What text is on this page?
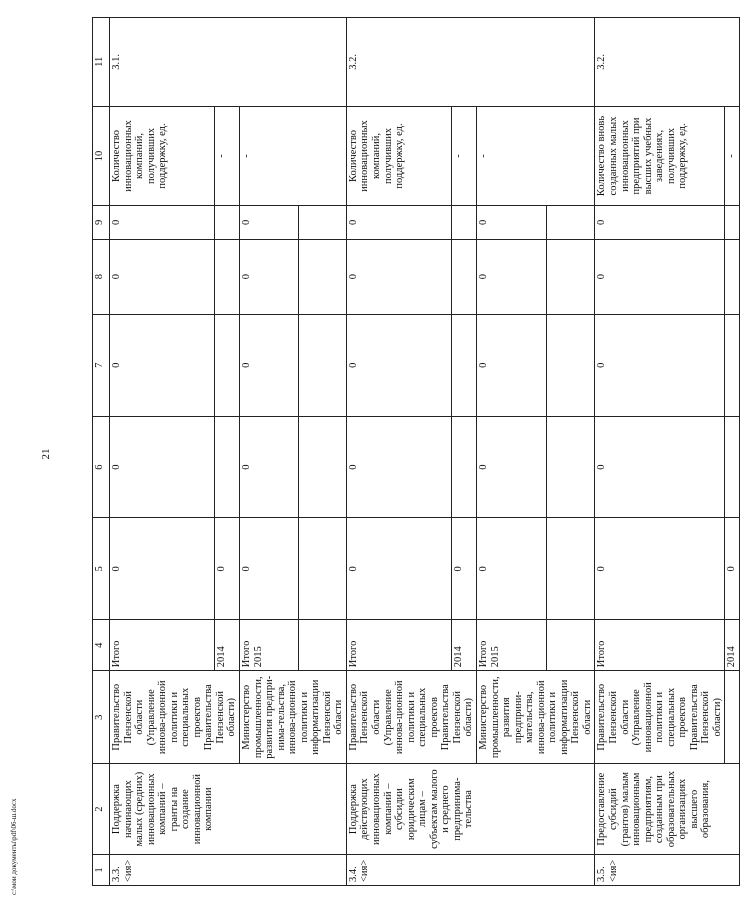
21
1	2	3	4	5	6	7	8	9	10	11

3.3. <ия>	Поддержка начинающих малых (средних) инновационных компаний – гранты на создание инновационной компании	Правительство Пензенской области (Управление иннова-ционной политики и специальных проектов Правительства Пензенской области)	Итого	0	0	0	0	0	Количество инновационных компаний, получивших поддержку, ед.	3.1.
			2014	0					-	
		Министерство промышленности, развития предпри-нима-тельства, иннова-ционной политики и информатизации Пензенской области	Итого 2015	0	0	0	0	0	-	

3.4. <ия>	Поддержка действующих инновационных компаний – субсидии юридическим лицам – субъектам малого и среднего предпринима-тельства	Правительство Пензенской области (Управление иннова-ционной политики и специальных проектов Правительства Пензенской области)	Итого	0	0	0	0	0	Количество инновационных компаний, получивших поддержку, ед.	3.2.
			2014	0					-	
		Министерство промышленности, развития предприни-мательства, иннова-ционной политики и информатизации Пензенской области	Итого 2015	0	0	0	0	0	-	

3.5. <ия>	Предоставление субсидий (грантов) малым инновационным предприятиям, созданным при образовательных организациях высшего образования,	Правительство Пензенской области (Управление инновационной политики и специальных проектов Правительства Пензенской области)	Итого	0	0	0	0	0	Количество вновь созданных малых инновационных предприятий при высших учебных заведениях, получивших поддержку, ед.	3.2.
			2014	0					-	
с:\мои документы\pdf\06-ш.docx
